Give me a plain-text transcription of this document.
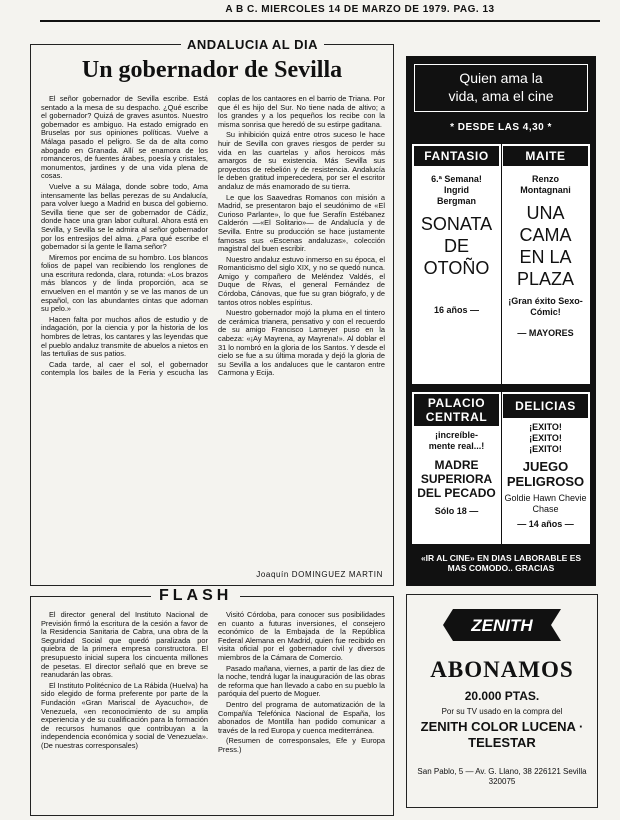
A B C. MIERCOLES 14 DE MARZO DE 1979. PAG. 13
ANDALUCIA AL DIA
Un gobernador de Sevilla

El señor gobernador de Sevilla escribe. Está sentado a la mesa de su despacho. ¿Qué escribe el gobernador? Quizá de graves asuntos. Nuestro gobernador es ambiguo. Ha estado emigrado en Bruselas por sus opiniones políticas. Vuelve a Málaga pasado el peligro. Se da de alta como abogado en Granada. Allí se enamora de los romanceros, de fuentes árabes, poesía y cristales, monumentos, jardines y de una vida plena de cosas.

Vuelve a su Málaga, donde sobre todo, Ama intensamente las bellas perezas de su Andalucía, para volver luego a Madrid en busca del gobierno. Sevilla tiene que ser de gobernador de Cádiz, donde hace una gran labor cultural. Ahora está en Sevilla, y Sevilla se le admira al señor gobernador por los entresijos del alma. ¿Para qué escribe el gobernador si la gente le llama señor?

Miremos por encima de su hombro. Los blancos folios de papel van recibiendo los renglones de una escritura redonda, clara, rotunda: «Los brazos más blancos y de linda proporción, aca se envuelven en el mantón y se ve las manos de un español, con las abundantes cintas que adornan su pelo.»

Hacen falta por muchos años de estudio y de indagación, por la ciencia y por la historia de los hombres de letras, los cantares y las leyendas que el pueblo andaluz transmite de abuelos a nietos en las tertulias de sus patios.

Cada tarde, al caer el sol, el gobernador contempla los bailes de la Feria y escucha las coplas de los cantaores en el barrio de Triana. Por que él es hijo del Sur. No tiene nada de altivo; a los grandes y a los pequeños los recibe con la misma sonrisa que heredó de su estirpe gaditana.

Su inhibición quizá entre otros suceso le hace huir de Sevilla con graves riesgos de perder su vida en las cuartelas y años heroicos más amargos de su existencia. Más Sevilla sus proyectos de rebelión y de resistencia. Andalucía le deben gratitud imperecedera, por ser el escritor andaluz de más enamorado de su tierra.

Le que los Saavedras Romanos con misión a Madrid, se presentaron bajo el seudónimo de «El Curioso Parlante», lo que fue Serafín Estébanez Calderón —«El Solitario»— de Andalucía y de Sevilla. Entre su producción se hace justamente famosas sus «Escenas andaluzas», colección magistral del buen escribir.

Nuestro andaluz estuvo inmerso en su época, el Romanticismo del siglo XIX, y no se quedó nunca. Amigo y compañero de Meléndez Valdés, el Duque de Rivas, el general Fernández de Córdoba, Cánovas, que fue su gran biógrafo, y de tantos otros nobles espíritus.

Nuestro gobernador mojó la pluma en el tintero de cerámica trianera, pensativo y con el recuerdo de su amigo Francisco Lameyer puso en la cabeza: «¡Ay Mayrena, ay Mayrena!». Al doblar el 31 lo nombró en la gloria de los Santos. Y desde el cielo se fue a su última morada y dejó la gloria de su Sevilla a los andaluces que le cantaron entre Carmona y Ecija.

Joaquín DOMINGUEZ MARTIN
FLASH

El director general del Instituto Nacional de Previsión firmó la escritura de la cesión a favor de la Residencia Sanitaria de Cabra, una obra de la Seguridad Social que quedó paralizada por quiebra de la primera empresa constructora. El presupuesto inicial supera los cincuenta millones de pesetas. El director señaló que en breve se reanudarán las obras.

El Instituto Politécnico de La Rábida (Huelva) ha sido elegido de forma preferente por parte de la Fundación «Gran Mariscal de Ayacucho», de Venezuela, «en reconocimiento de su amplia experiencia y de su cualificación para la formación de recursos humanos que contribuyan a la independencia económica y social de Venezuela». (De nuestras corresponsales)

Visitó Córdoba, para conocer sus posibilidades en cuanto a futuras inversiones, el consejero económico de la Embajada de la República Federal Alemana en Madrid, quien fue recibido en visita oficial por el gobernador civil y diversos miembros de la Cámara de Comercio.

Pasado mañana, viernes, a partir de las diez de la noche, tendrá lugar la inauguración de las obras de reforma que han llevado a cabo en su pueblo la paróquia del puerto de Moguer.

Dentro del programa de automatización de la Compañía Telefónica Nacional de España, los abonados de Montilla han podido comunicar a través de la red Europa y cuenca mediterránea.

(Resumen de corresponsales, Efe y Europa Press.)

Quien ama la
vida, ama el cine
* DESDE LAS 4,30 *
FANTASIO
6.ª Semana!
Ingrid
Bergman
SONATA DE OTOÑO
16 años —
MAITE
Renzo
Montagnani
UNA CAMA EN LA PLAZA
¡Gran éxito Sexo-Cómic!
— MAYORES
PALACIO CENTRAL
¡increíble-
mente real...!
MADRE SUPERIORA DEL PECADO
Sólo 18 —
DELICIAS
¡EXITO!
¡EXITO!
¡EXITO!
JUEGO PELIGROSO
Goldie Hawn Chevie Chase
— 14 años —
«IR AL CINE» EN DIAS LABORABLE ES MAS COMODO.. GRACIAS
ZENITH
ABONAMOS
20.000 PTAS.
Por su TV usado en la compra del
ZENITH COLOR LUCENA · TELESTAR
San Pablo, 5 — Av. G. Llano, 38 226121 Sevilla 320075
